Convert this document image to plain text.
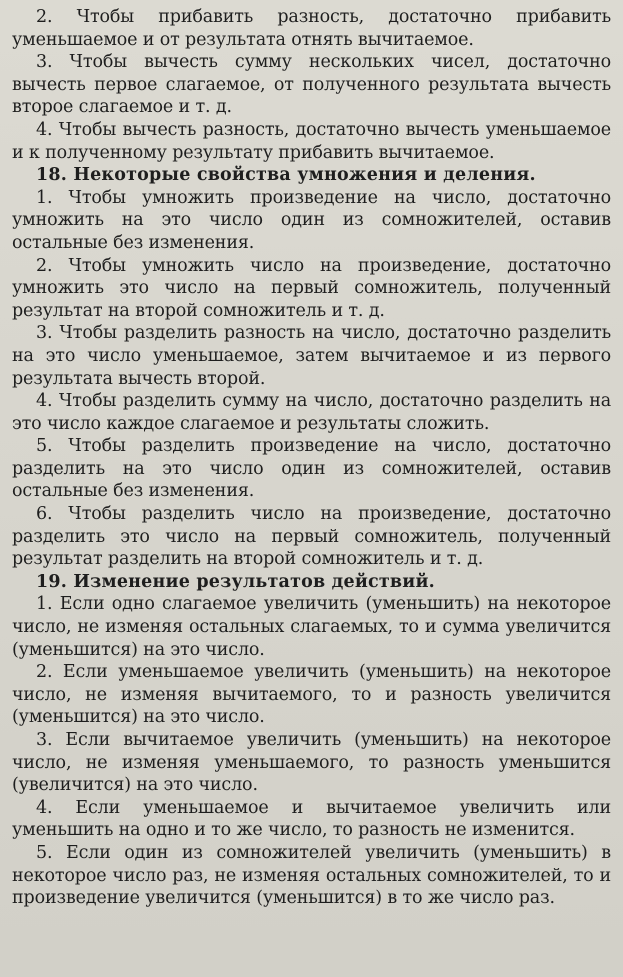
2. Чтобы прибавить разность, достаточно прибавить уменьшаемое и от результата отнять вычитаемое.

3. Чтобы вычесть сумму нескольких чисел, достаточно вычесть первое слагаемое, от полученного результата вычесть второе слагаемое и т. д.

4. Чтобы вычесть разность, достаточно вычесть уменьшаемое и к полученному результату прибавить вычитаемое.

18. Некоторые свойства умножения и деления.

1. Чтобы умножить произведение на число, достаточно умножить на это число один из сомножителей, оставив остальные без изменения.

2. Чтобы умножить число на произведение, достаточно умножить это число на первый сомножитель, полученный результат на второй сомножитель и т. д.

3. Чтобы разделить разность на число, достаточно разделить на это число уменьшаемое, затем вычитаемое и из первого результата вычесть второй.

4. Чтобы разделить сумму на число, достаточно разделить на это число каждое слагаемое и результаты сложить.

5. Чтобы разделить произведение на число, достаточно разделить на это число один из сомножителей, оставив остальные без изменения.

6. Чтобы разделить число на произведение, достаточно разделить это число на первый сомножитель, полученный результат разделить на второй сомножитель и т. д.

19. Изменение результатов действий.

1. Если одно слагаемое увеличить (уменьшить) на некоторое число, не изменяя остальных слагаемых, то и сумма увеличится (уменьшится) на это число.

2. Если уменьшаемое увеличить (уменьшить) на некоторое число, не изменяя вычитаемого, то и разность увеличится (уменьшится) на это число.

3. Если вычитаемое увеличить (уменьшить) на некоторое число, не изменяя уменьшаемого, то разность уменьшится (увеличится) на это число.

4. Если уменьшаемое и вычитаемое увеличить или уменьшить на одно и то же число, то разность не изменится.

5. Если один из сомножителей увеличить (уменьшить) в некоторое число раз, не изменяя остальных сомножителей, то и произведение увеличится (уменьшится) в то же число раз.
